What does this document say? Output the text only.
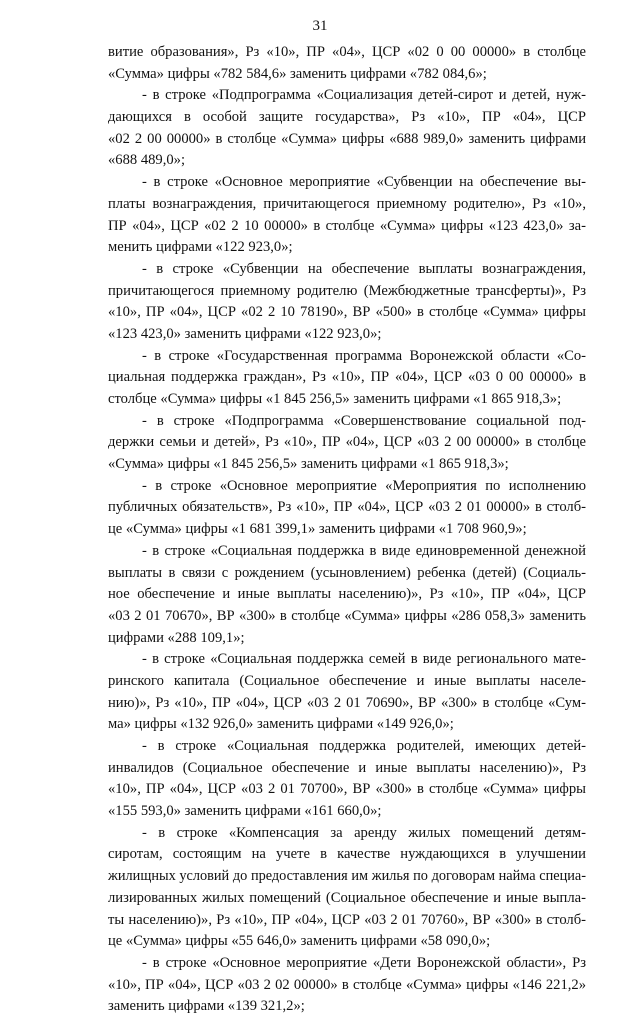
31
витие образования», Рз «10», ПР «04», ЦСР «02 0 00 00000» в столбце
«Сумма» цифры «782 584,6» заменить цифрами «782 084,6»;
- в строке «Подпрограмма «Социализация детей-сирот и детей, нуж-
дающихся в особой защите государства», Рз «10», ПР «04», ЦСР
«02 2 00 00000» в столбце «Сумма» цифры «688 989,0» заменить цифрами
«688 489,0»;
- в строке «Основное мероприятие «Субвенции на обеспечение вы-
платы вознаграждения, причитающегося приемному родителю», Рз «10»,
ПР «04», ЦСР «02 2 10 00000» в столбце «Сумма» цифры «123 423,0» за-
менить цифрами «122 923,0»;
- в строке «Субвенции на обеспечение выплаты вознаграждения,
причитающегося приемному родителю (Межбюджетные трансферты)», Рз
«10», ПР «04», ЦСР «02 2 10 78190», ВР «500» в столбце «Сумма» цифры
«123 423,0» заменить цифрами «122 923,0»;
- в строке «Государственная программа Воронежской области «Со-
циальная поддержка граждан», Рз «10», ПР «04», ЦСР «03 0 00 00000» в
столбце «Сумма» цифры «1 845 256,5» заменить цифрами «1 865 918,3»;
- в строке «Подпрограмма «Совершенствование социальной под-
держки семьи и детей», Рз «10», ПР «04», ЦСР «03 2 00 00000» в столбце
«Сумма» цифры «1 845 256,5» заменить цифрами «1 865 918,3»;
- в строке «Основное мероприятие «Мероприятия по исполнению
публичных обязательств», Рз «10», ПР «04», ЦСР «03 2 01 00000» в столб-
це «Сумма» цифры «1 681 399,1» заменить цифрами «1 708 960,9»;
- в строке «Социальная поддержка в виде единовременной денежной
выплаты в связи с рождением (усыновлением) ребенка (детей) (Социаль-
ное обеспечение и иные выплаты населению)», Рз «10», ПР «04», ЦСР
«03 2 01 70670», ВР «300» в столбце «Сумма» цифры «286 058,3» заменить
цифрами «288 109,1»;
- в строке «Социальная поддержка семей в виде регионального мате-
ринского капитала (Социальное обеспечение и иные выплаты населе-
нию)», Рз «10», ПР «04», ЦСР «03 2 01 70690», ВР «300» в столбце «Сум-
ма» цифры «132 926,0» заменить цифрами «149 926,0»;
- в строке «Социальная поддержка родителей, имеющих детей-
инвалидов (Социальное обеспечение и иные выплаты населению)», Рз
«10», ПР «04», ЦСР «03 2 01 70700», ВР «300» в столбце «Сумма» цифры
«155 593,0» заменить цифрами «161 660,0»;
- в строке «Компенсация за аренду жилых помещений детям-
сиротам, состоящим на учете в качестве нуждающихся в улучшении
жилищных условий до предоставления им жилья по договорам найма специа-
лизированных жилых помещений (Социальное обеспечение и иные выпла-
ты населению)», Рз «10», ПР «04», ЦСР «03 2 01 70760», ВР «300» в столб-
це «Сумма» цифры «55 646,0» заменить цифрами «58 090,0»;
- в строке «Основное мероприятие «Дети Воронежской области», Рз
«10», ПР «04», ЦСР «03 2 02 00000» в столбце «Сумма» цифры «146 221,2»
заменить цифрами «139 321,2»;
